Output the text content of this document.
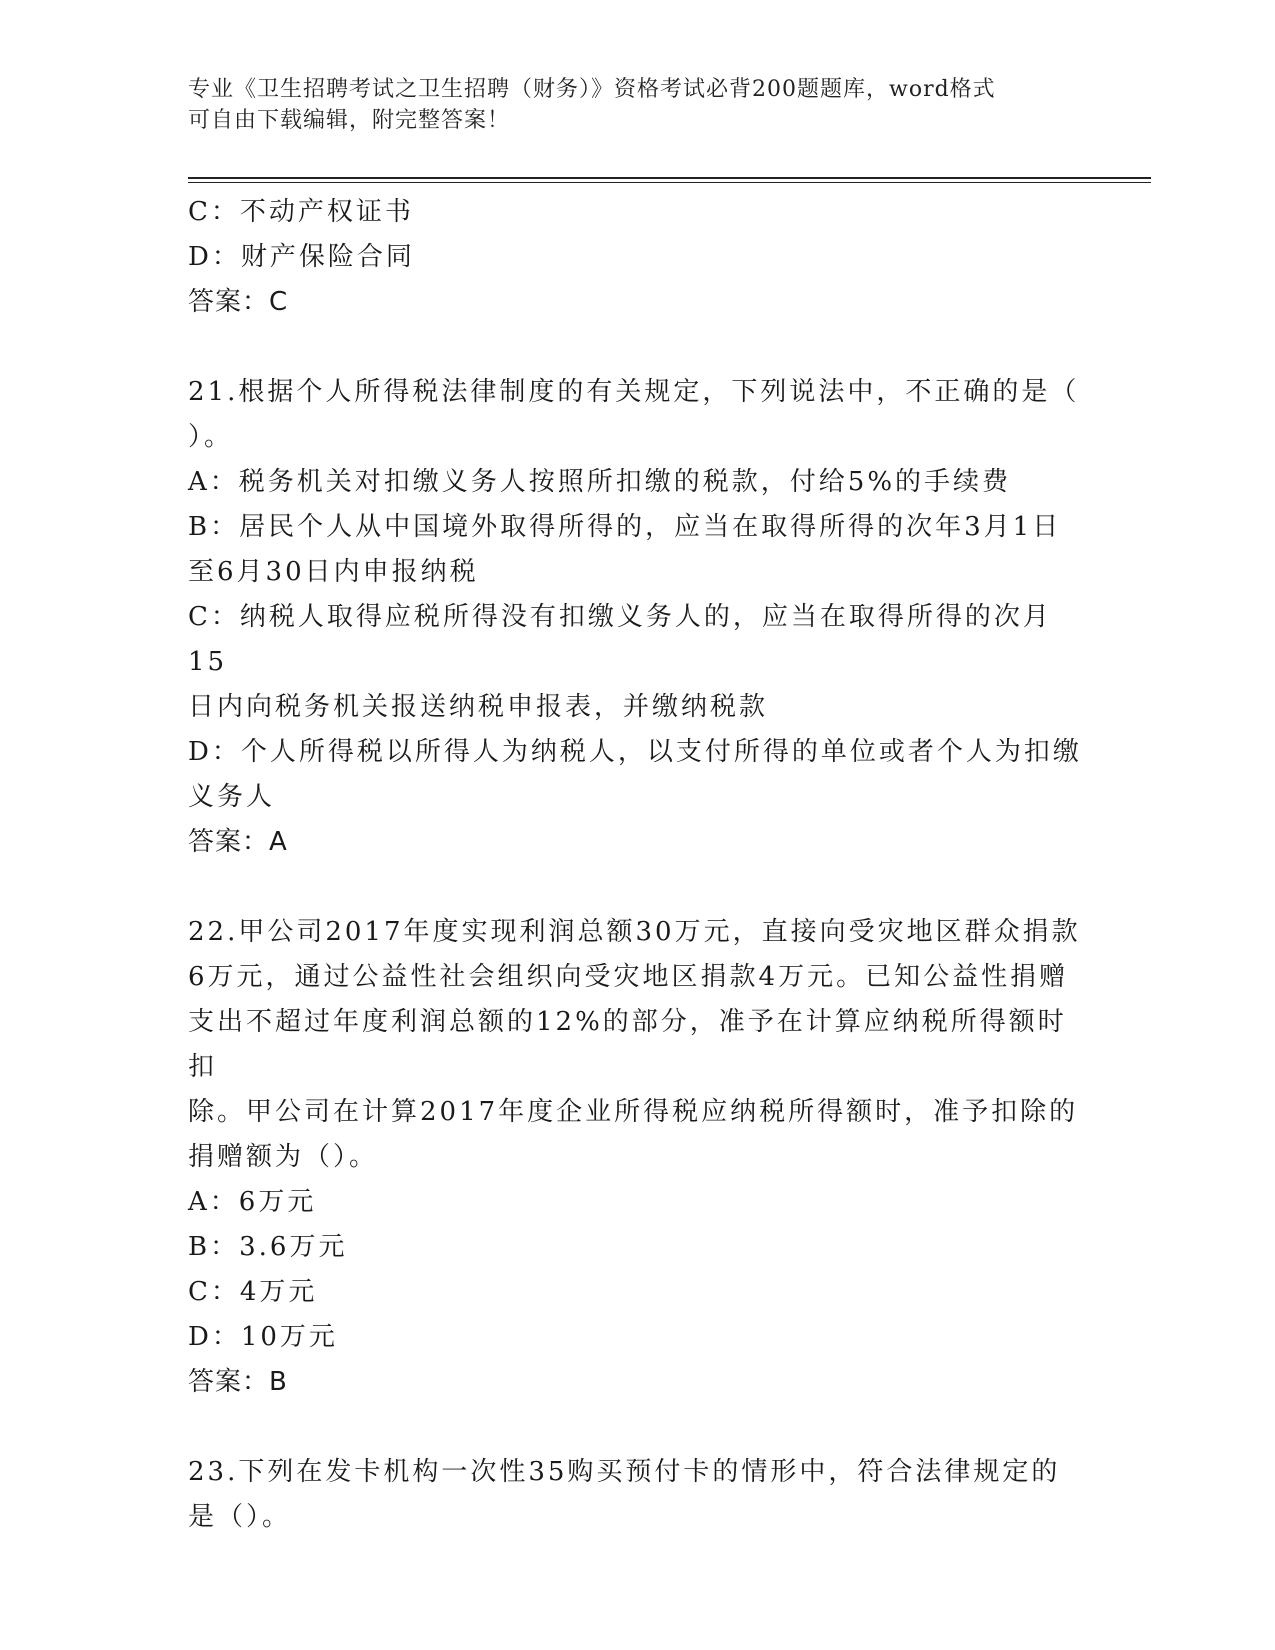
专业《卫生招聘考试之卫生招聘（财务）》资格考试必背200题题库，word格式
可自由下载编辑，附完整答案！

C：不动产权证书

D：财产保险合同

答案：C

21.根据个人所得税法律制度的有关规定，下列说法中，不正确的是（

）。

A：税务机关对扣缴义务人按照所扣缴的税款，付给5%的手续费

B：居民个人从中国境外取得所得的，应当在取得所得的次年3月1日

至6月30日内申报纳税

C：纳税人取得应税所得没有扣缴义务人的，应当在取得所得的次月15

日内向税务机关报送纳税申报表，并缴纳税款

D：个人所得税以所得人为纳税人，以支付所得的单位或者个人为扣缴

义务人

答案：A

22.甲公司2017年度实现利润总额30万元，直接向受灾地区群众捐款

6万元，通过公益性社会组织向受灾地区捐款4万元。已知公益性捐赠

支出不超过年度利润总额的12%的部分，准予在计算应纳税所得额时扣

除。甲公司在计算2017年度企业所得税应纳税所得额时，准予扣除的

捐赠额为（）。

A：6万元

B：3.6万元

C：4万元

D：10万元

答案：B

23.下列在发卡机构一次性35购买预付卡的情形中，符合法律规定的

是（）。
